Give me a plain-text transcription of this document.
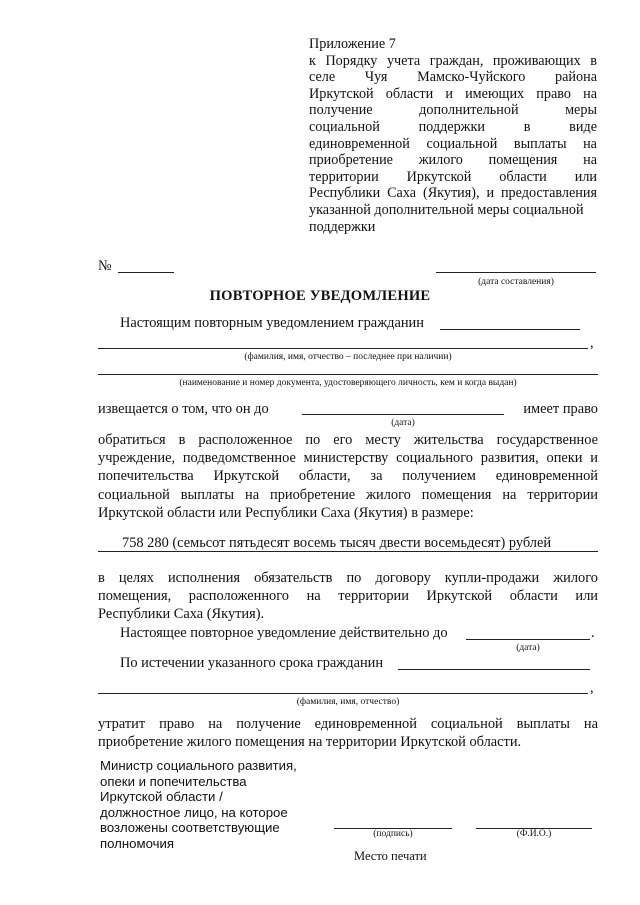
Приложение 7
к Порядку учета граждан, проживающих в
селе Чуя Мамско-Чуйского района
Иркутской области и имеющих право на
получение дополнительной меры
социальной поддержки в виде
единовременной социальной выплаты на
приобретение жилого помещения на
территории Иркутской области или
Республики Саха (Якутия), и предоставления
указанной дополнительной меры социальной
поддержки
№
(дата составления)
ПОВТОРНОЕ УВЕДОМЛЕНИЕ
Настоящим повторным уведомлением гражданин
,
(фамилия, имя, отчество – последнее при наличии)
(наименование и номер документа, удостоверяющего личность, кем и когда выдан)
извещается о том, что он до	имеет право
(дата)
обратиться в расположенное по его месту жительства государственное
учреждение, подведомственное министерству социального развития, опеки и
попечительства Иркутской области, за получением единовременной
социальной выплаты на приобретение жилого помещения на территории
Иркутской области или Республики Саха (Якутия) в размере:
758 280 (семьсот пятьдесят восемь тысяч двести восемьдесят) рублей
в целях исполнения обязательств по договору купли-продажи жилого
помещения, расположенного на территории Иркутской области или
Республики Саха (Якутия).
Настоящее повторное уведомление действительно до	.
(дата)
По истечении указанного срока гражданин
,
(фамилия, имя, отчество)
утратит право на получение единовременной социальной выплаты на
приобретение жилого помещения на территории Иркутской области.
Министр социального развития,
опеки и попечительства
Иркутской области /
должностное лицо, на которое
возложены соответствующие
полномочия
(подпись)	(Ф.И.О.)
Место печати
